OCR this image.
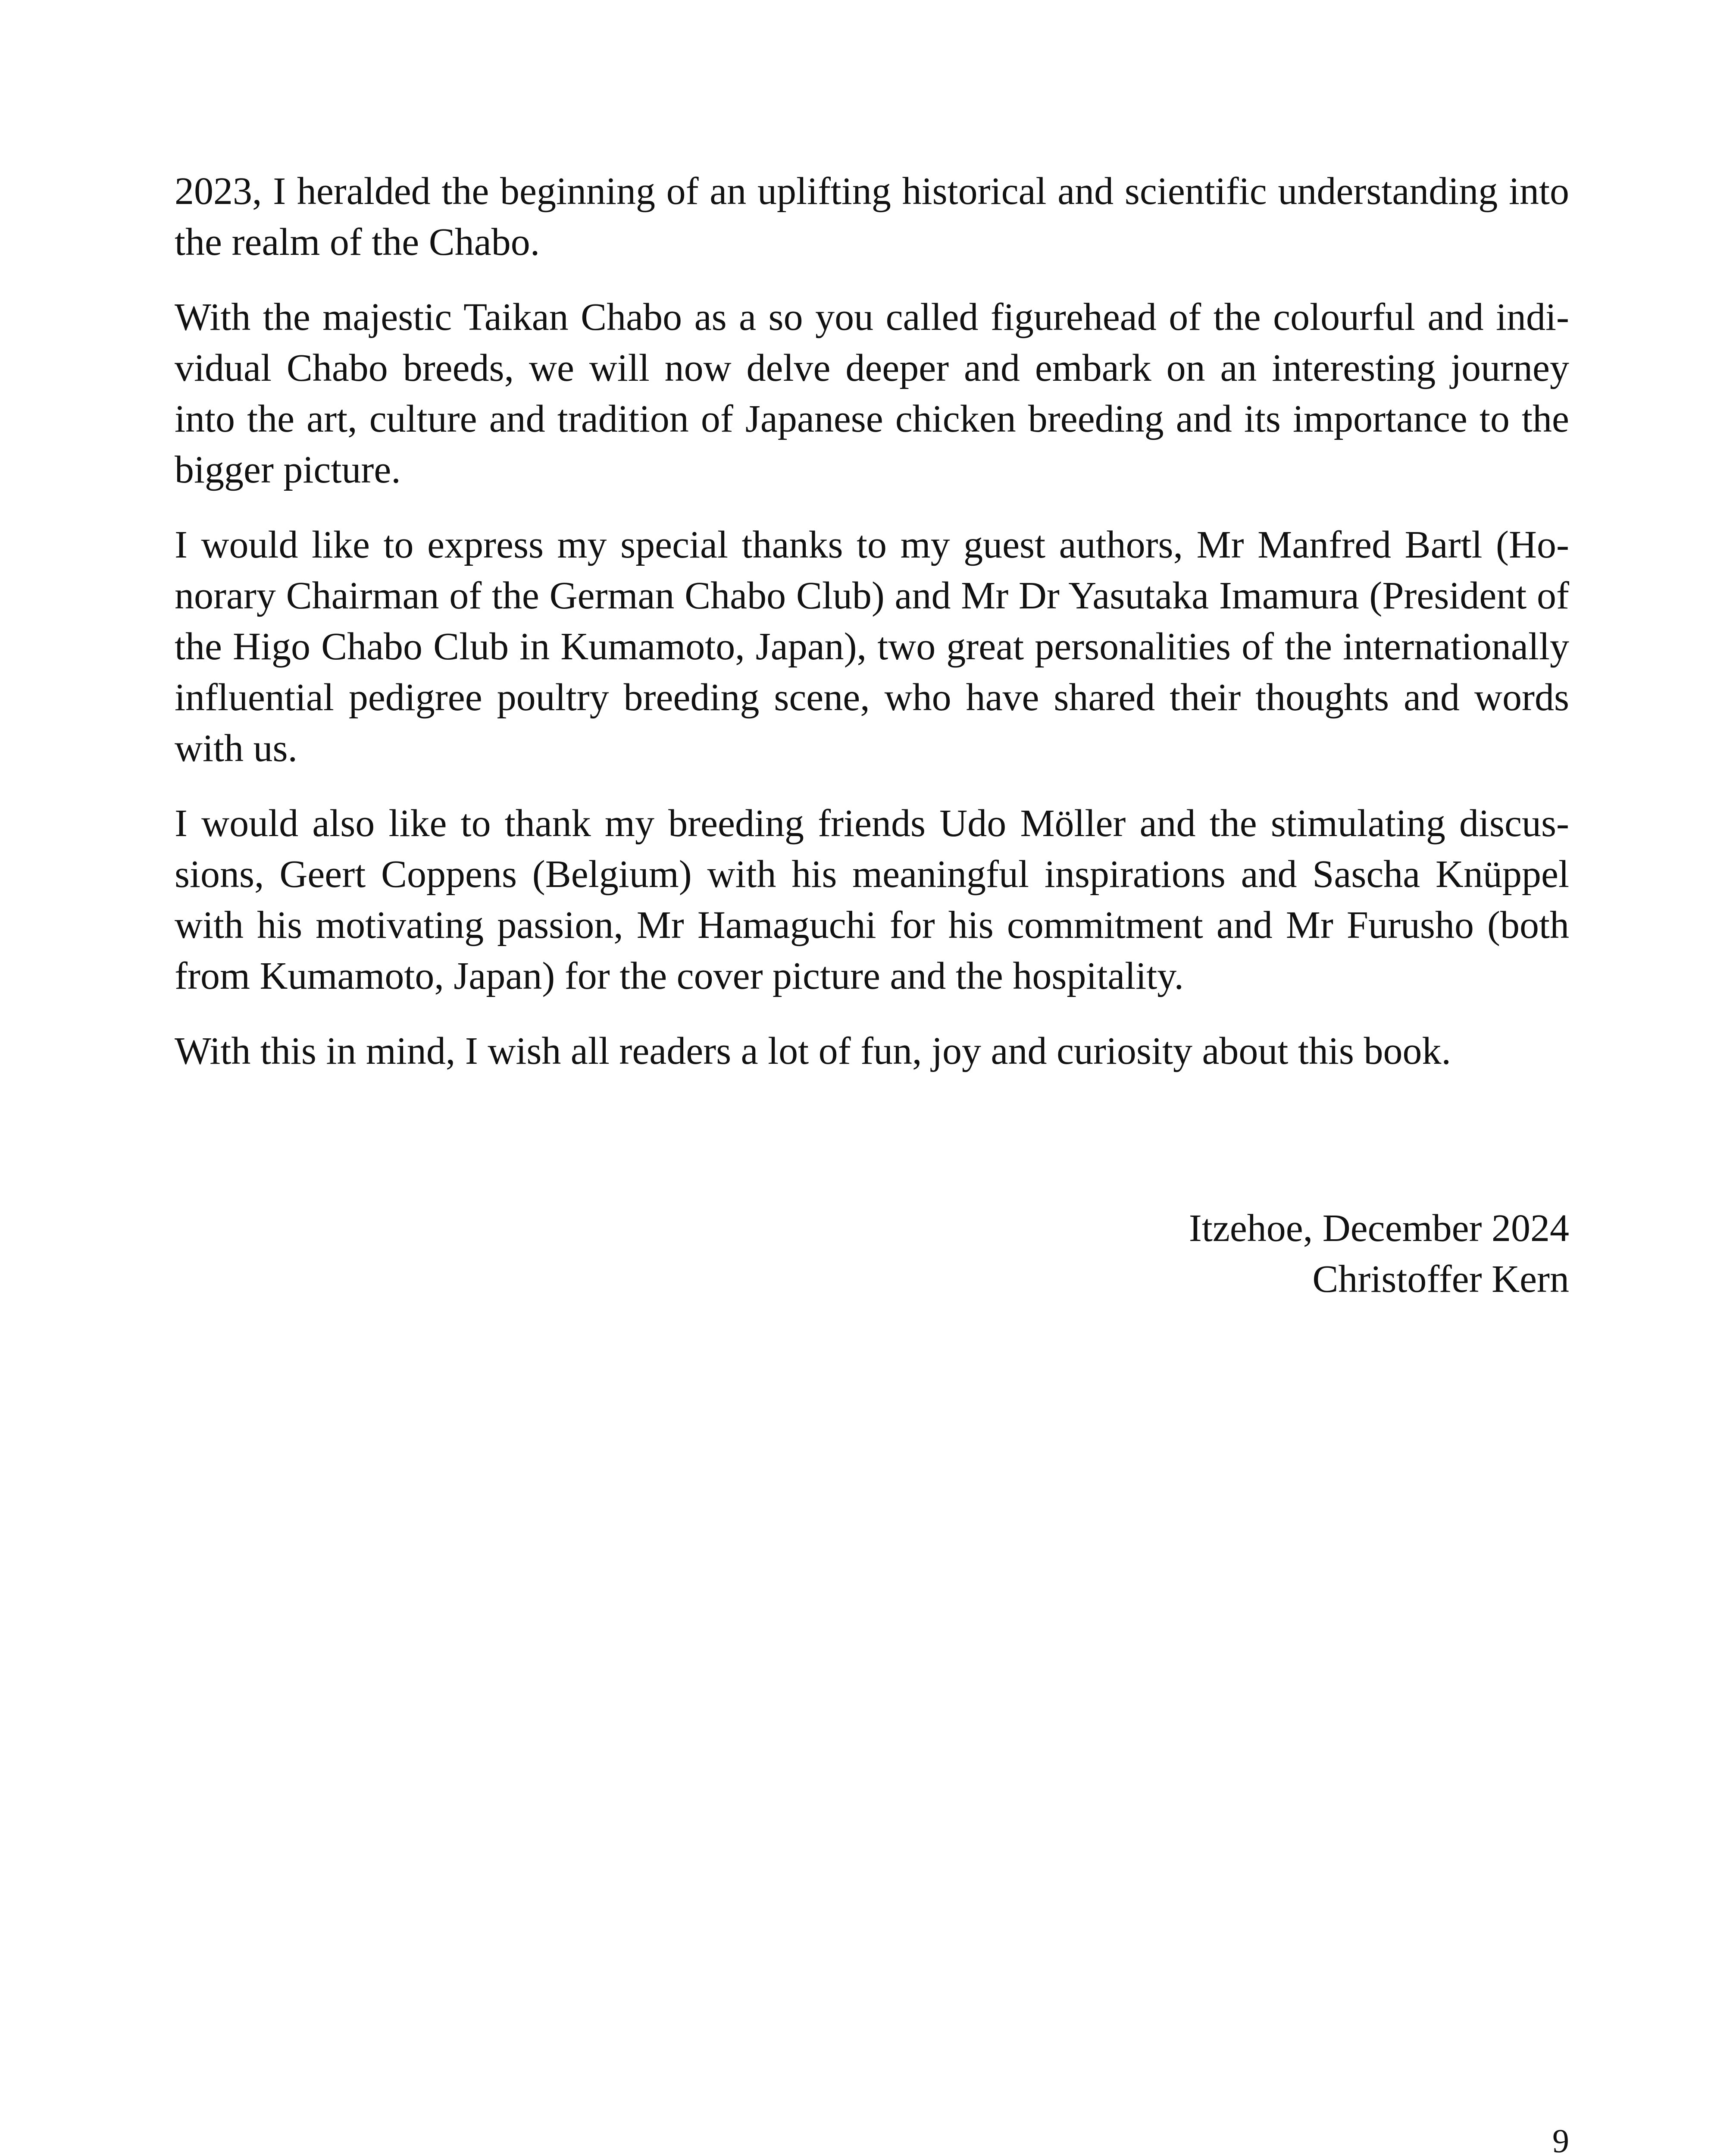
2023, I heralded the beginning of an uplifting historical and scientific understanding into the realm of the Chabo.

With the majestic Taikan Chabo as a so you called figurehead of the colourful and individual Chabo breeds, we will now delve deeper and embark on an interesting journey into the art, culture and tradition of Japanese chicken breeding and its importance to the bigger picture.

I would like to express my special thanks to my guest authors, Mr Manfred Bartl (Honorary Chairman of the German Chabo Club) and Mr Dr Yasutaka Imamura (President of the Higo Chabo Club in Kumamoto, Japan), two great personalities of the internationally influential pedigree poultry breeding scene, who have shared their thoughts and words with us.

I would also like to thank my breeding friends Udo Möller and the stimulating discussions, Geert Coppens (Belgium) with his meaningful inspirations and Sascha Knüppel with his motivating passion, Mr Hamaguchi for his commitment and Mr Furusho (both from Kumamoto, Japan) for the cover picture and the hospitality.

With this in mind, I wish all readers a lot of fun, joy and curiosity about this book.

Itzehoe, December 2024
Christoffer Kern
9
